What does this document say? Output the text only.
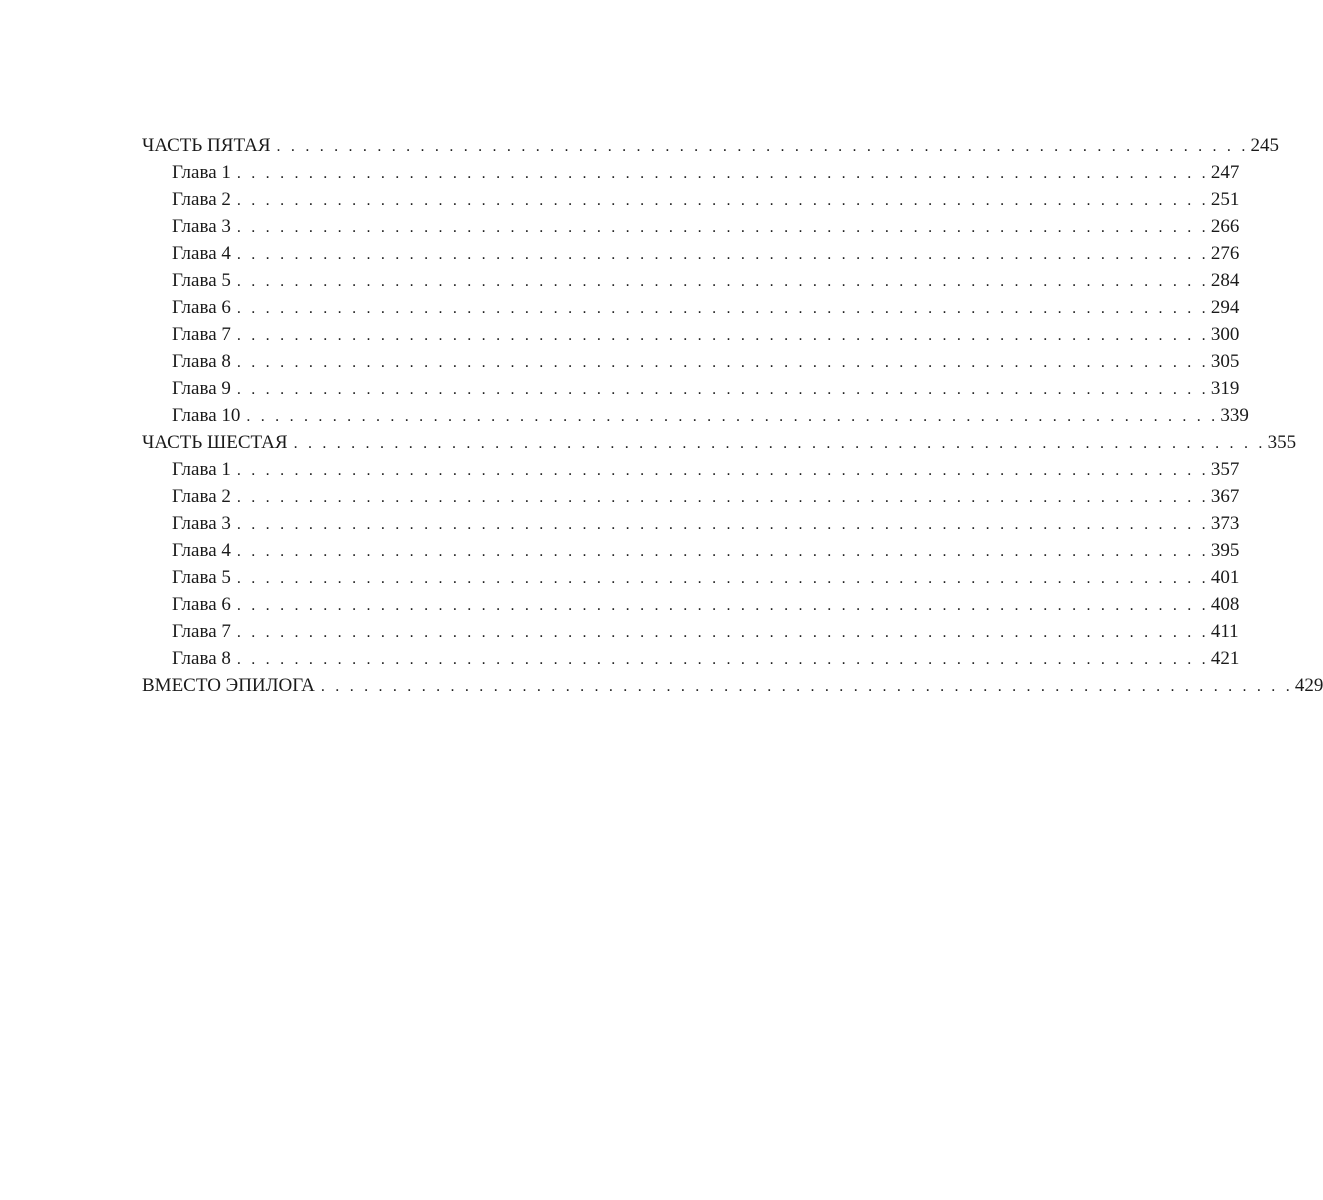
ЧАСТЬ ПЯТАЯ . . . . . . . . . . . . . . . . . . . . . . . . . . . . . . . . . . . . . . . . . . . . . . . . . . . . . . . . . . . . . . . . . . . . 245
Глава 1 . . . . . . . . . . . . . . . . . . . . . . . . . . . . . . . . . . . . . . . . . . . . . . . . . . . . . . . . . . . . . . . . . . . . 247
Глава 2 . . . . . . . . . . . . . . . . . . . . . . . . . . . . . . . . . . . . . . . . . . . . . . . . . . . . . . . . . . . . . . . . . . . . 251
Глава 3 . . . . . . . . . . . . . . . . . . . . . . . . . . . . . . . . . . . . . . . . . . . . . . . . . . . . . . . . . . . . . . . . . . . . 266
Глава 4 . . . . . . . . . . . . . . . . . . . . . . . . . . . . . . . . . . . . . . . . . . . . . . . . . . . . . . . . . . . . . . . . . . . . 276
Глава 5 . . . . . . . . . . . . . . . . . . . . . . . . . . . . . . . . . . . . . . . . . . . . . . . . . . . . . . . . . . . . . . . . . . . . 284
Глава 6 . . . . . . . . . . . . . . . . . . . . . . . . . . . . . . . . . . . . . . . . . . . . . . . . . . . . . . . . . . . . . . . . . . . . 294
Глава 7 . . . . . . . . . . . . . . . . . . . . . . . . . . . . . . . . . . . . . . . . . . . . . . . . . . . . . . . . . . . . . . . . . . . . 300
Глава 8 . . . . . . . . . . . . . . . . . . . . . . . . . . . . . . . . . . . . . . . . . . . . . . . . . . . . . . . . . . . . . . . . . . . . 305
Глава 9 . . . . . . . . . . . . . . . . . . . . . . . . . . . . . . . . . . . . . . . . . . . . . . . . . . . . . . . . . . . . . . . . . . . . 319
Глава 10 . . . . . . . . . . . . . . . . . . . . . . . . . . . . . . . . . . . . . . . . . . . . . . . . . . . . . . . . . . . . . . . . . . . . 339
ЧАСТЬ ШЕСТАЯ . . . . . . . . . . . . . . . . . . . . . . . . . . . . . . . . . . . . . . . . . . . . . . . . . . . . . . . . . . . . . . . . . . . . 355
Глава 1 . . . . . . . . . . . . . . . . . . . . . . . . . . . . . . . . . . . . . . . . . . . . . . . . . . . . . . . . . . . . . . . . . . . . 357
Глава 2 . . . . . . . . . . . . . . . . . . . . . . . . . . . . . . . . . . . . . . . . . . . . . . . . . . . . . . . . . . . . . . . . . . . . 367
Глава 3 . . . . . . . . . . . . . . . . . . . . . . . . . . . . . . . . . . . . . . . . . . . . . . . . . . . . . . . . . . . . . . . . . . . . 373
Глава 4 . . . . . . . . . . . . . . . . . . . . . . . . . . . . . . . . . . . . . . . . . . . . . . . . . . . . . . . . . . . . . . . . . . . . 395
Глава 5 . . . . . . . . . . . . . . . . . . . . . . . . . . . . . . . . . . . . . . . . . . . . . . . . . . . . . . . . . . . . . . . . . . . . 401
Глава 6 . . . . . . . . . . . . . . . . . . . . . . . . . . . . . . . . . . . . . . . . . . . . . . . . . . . . . . . . . . . . . . . . . . . . 408
Глава 7 . . . . . . . . . . . . . . . . . . . . . . . . . . . . . . . . . . . . . . . . . . . . . . . . . . . . . . . . . . . . . . . . . . . . 411
Глава 8 . . . . . . . . . . . . . . . . . . . . . . . . . . . . . . . . . . . . . . . . . . . . . . . . . . . . . . . . . . . . . . . . . . . . 421
ВМЕСТО ЭПИЛОГА . . . . . . . . . . . . . . . . . . . . . . . . . . . . . . . . . . . . . . . . . . . . . . . . . . . . . . . . . . . . . . . . . . . . 429
